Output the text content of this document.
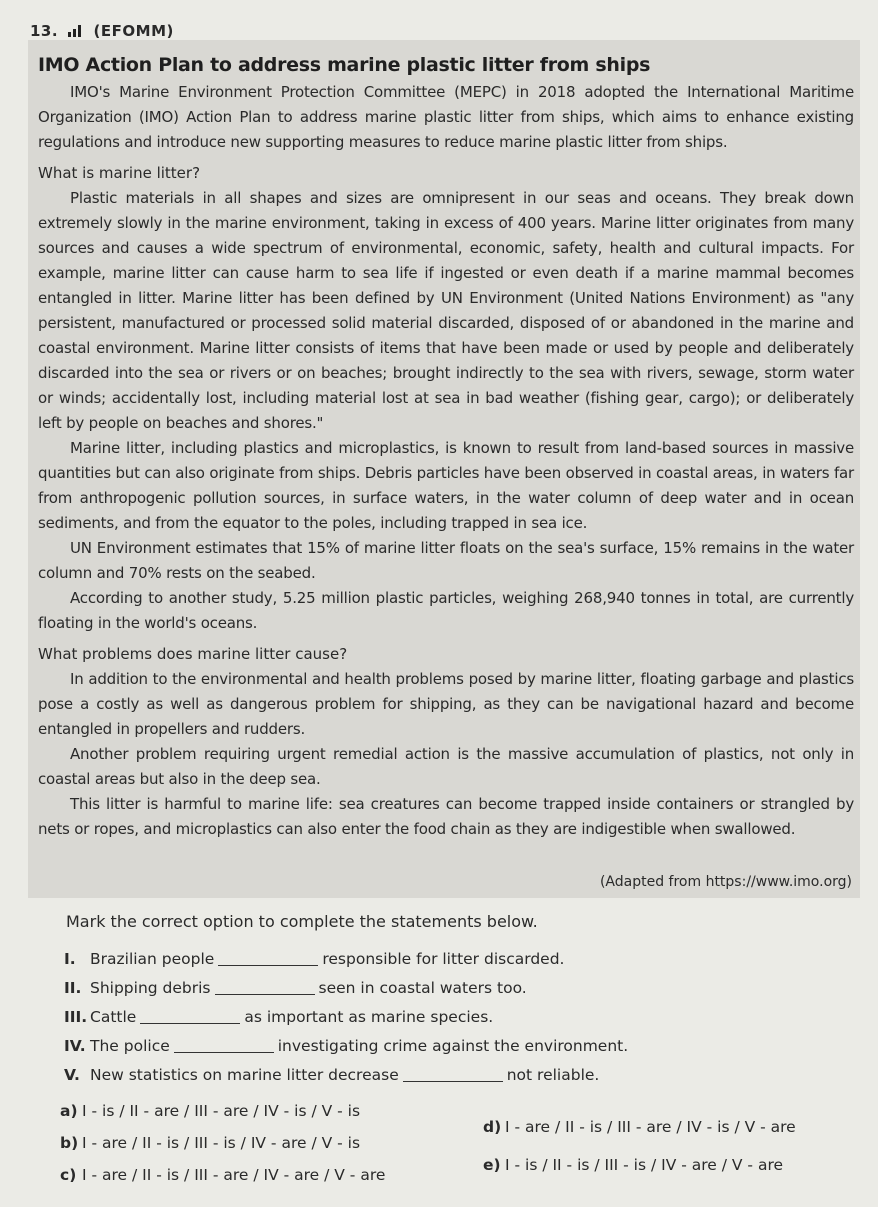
13. (EFOMM)
IMO Action Plan to address marine plastic litter from ships

IMO's Marine Environment Protection Committee (MEPC) in 2018 adopted the International Maritime Organization (IMO) Action Plan to address marine plastic litter from ships, which aims to enhance existing regulations and introduce new supporting measures to reduce marine plastic litter from ships.

What is marine litter?

Plastic materials in all shapes and sizes are omnipresent in our seas and oceans. They break down extremely slowly in the marine environment, taking in excess of 400 years. Marine litter originates from many sources and causes a wide spectrum of environmental, economic, safety, health and cultural impacts. For example, marine litter can cause harm to sea life if ingested or even death if a marine mammal becomes entangled in litter. Marine litter has been defined by UN Environment (United Nations Environment) as "any persistent, manufactured or processed solid material discarded, disposed of or abandoned in the marine and coastal environment. Marine litter consists of items that have been made or used by people and deliberately discarded into the sea or rivers or on beaches; brought indirectly to the sea with rivers, sewage, storm water or winds; accidentally lost, including material lost at sea in bad weather (fishing gear, cargo); or deliberately left by people on beaches and shores."

Marine litter, including plastics and microplastics, is known to result from land-based sources in massive quantities but can also originate from ships. Debris particles have been observed in coastal areas, in waters far from anthropogenic pollution sources, in surface waters, in the water column of deep water and in ocean sediments, and from the equator to the poles, including trapped in sea ice.

UN Environment estimates that 15% of marine litter floats on the sea's surface, 15% remains in the water column and 70% rests on the seabed.

According to another study, 5.25 million plastic particles, weighing 268,940 tonnes in total, are currently floating in the world's oceans.

What problems does marine litter cause?

In addition to the environmental and health problems posed by marine litter, floating garbage and plastics pose a costly as well as dangerous problem for shipping, as they can be navigational hazard and become entangled in propellers and rudders.

Another problem requiring urgent remedial action is the massive accumulation of plastics, not only in coastal areas but also in the deep sea.

This litter is harmful to marine life: sea creatures can become trapped inside containers or strangled by nets or ropes, and microplastics can also enter the food chain as they are indigestible when swallowed.

(Adapted from https://www.imo.org)

Mark the correct option to complete the statements below.

I. Brazilian people	responsible for litter discarded.
II. Shipping debris	seen in coastal waters too.
III. Cattle	as important as marine species.
IV. The police	investigating crime against the environment.
V. New statistics on marine litter decrease	not reliable.
a) I - is / II - are / III - are / IV - is / V - is
b) I - are / II - is / III - is / IV - are / V - is
c) I - are / II - is / III - are / IV - are / V - are
d) I - are / II - is / III - are / IV - is / V - are
e) I - is / II - is / III - is / IV - are / V - are
